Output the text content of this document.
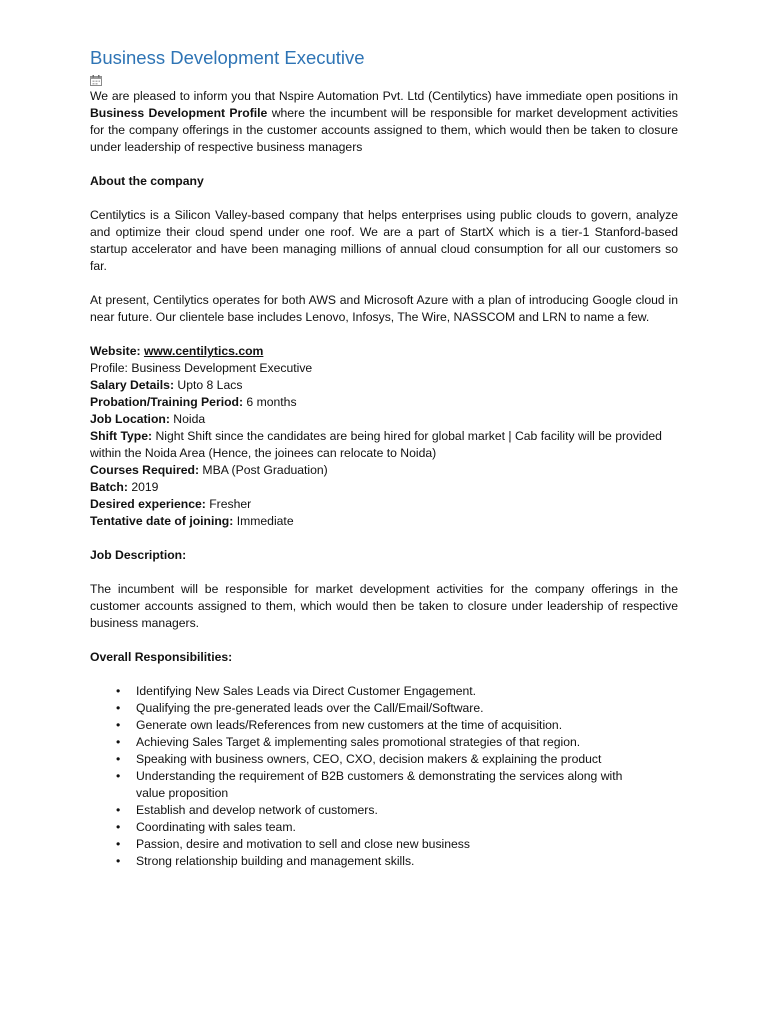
Business Development Executive

We are pleased to inform you that Nspire Automation Pvt. Ltd (Centilytics) have immediate open positions in Business Development Profile where the incumbent will be responsible for market development activities for the company offerings in the customer accounts assigned to them, which would then be taken to closure under leadership of respective business managers

About the company

Centilytics is a Silicon Valley-based company that helps enterprises using public clouds to govern, analyze and optimize their cloud spend under one roof. We are a part of StartX which is a tier-1 Stanford-based startup accelerator and have been managing millions of annual cloud consumption for all our customers so far.

At present, Centilytics operates for both AWS and Microsoft Azure with a plan of introducing Google cloud in near future. Our clientele base includes Lenovo, Infosys, The Wire, NASSCOM and LRN to name a few.

Website: www.centilytics.com

Profile: Business Development Executive

Salary Details: Upto 8 Lacs

Probation/Training Period: 6 months

Job Location: Noida

Shift Type: Night Shift since the candidates are being hired for global market | Cab facility will be provided within the Noida Area (Hence, the joinees can relocate to Noida)

Courses Required: MBA (Post Graduation)

Batch: 2019

Desired experience: Fresher

Tentative date of joining: Immediate

Job Description:

The incumbent will be responsible for market development activities for the company offerings in the customer accounts assigned to them, which would then be taken to closure under leadership of respective business managers.

Overall Responsibilities:

• Identifying New Sales Leads via Direct Customer Engagement.
• Qualifying the pre-generated leads over the Call/Email/Software.
• Generate own leads/References from new customers at the time of acquisition.
• Achieving Sales Target & implementing sales promotional strategies of that region.
• Speaking with business owners, CEO, CXO, decision makers & explaining the product
• Understanding the requirement of B2B customers & demonstrating the services along with value proposition
• Establish and develop network of customers.
• Coordinating with sales team.
• Passion, desire and motivation to sell and close new business
• Strong relationship building and management skills.
